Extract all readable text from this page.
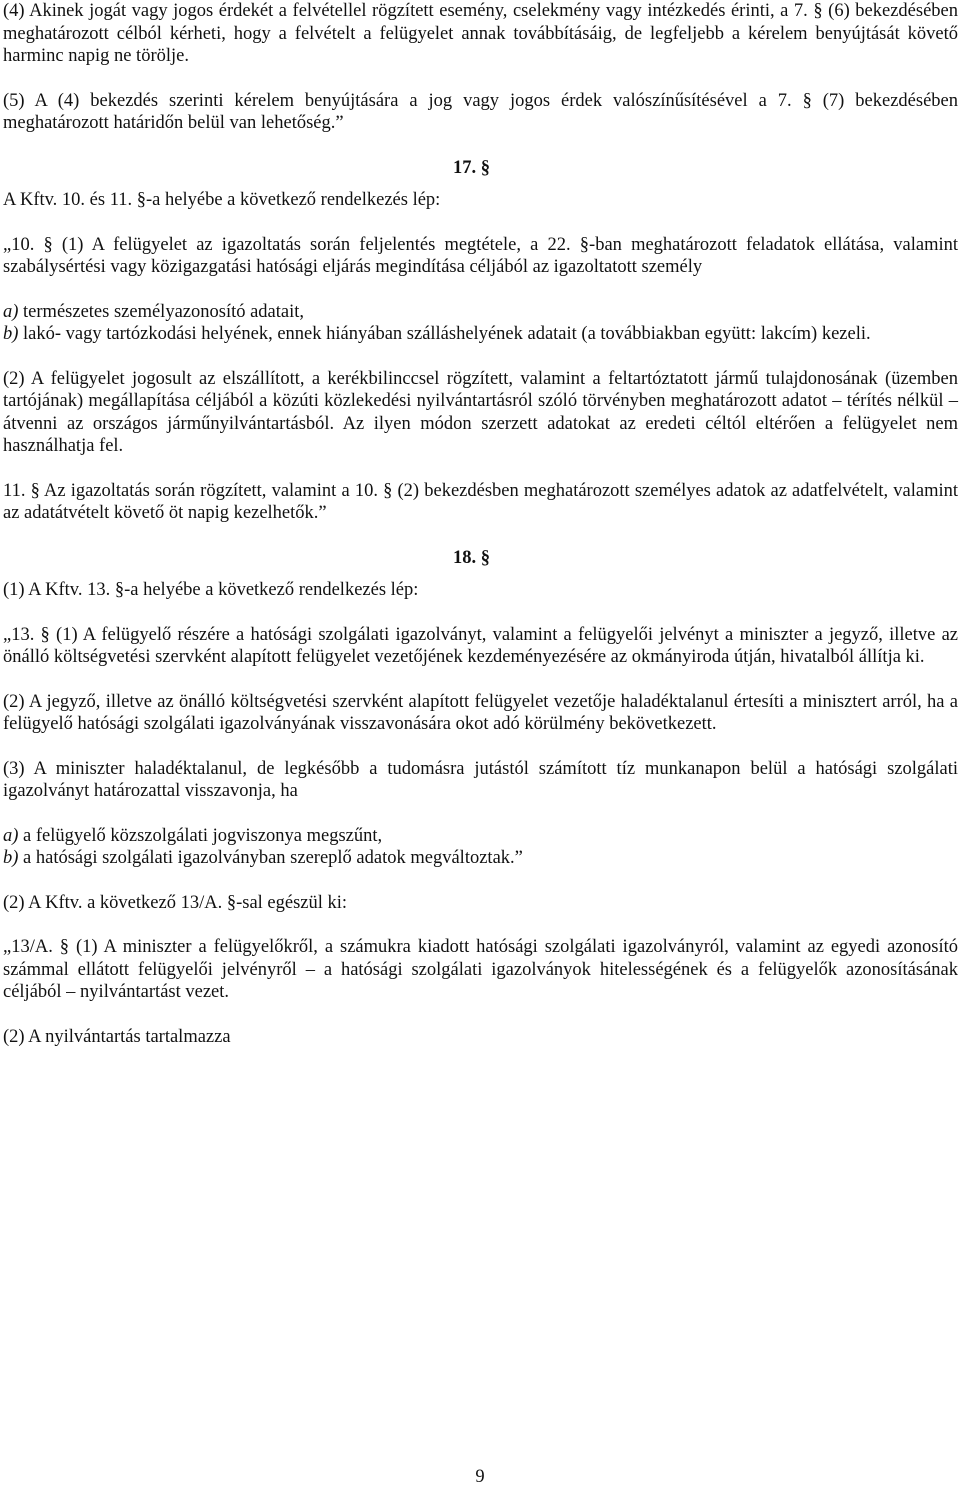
(4) Akinek jogát vagy jogos érdekét a felvétellel rögzített esemény, cselekmény vagy intézkedés érinti, a 7. § (6) bekezdésében meghatározott célból kérheti, hogy a felvételt a felügyelet annak továbbításáig, de legfeljebb a kérelem benyújtását követő harminc napig ne törölje.

(5) A (4) bekezdés szerinti kérelem benyújtására a jog vagy jogos érdek valószínűsítésével a 7. § (7) bekezdésében meghatározott határidőn belül van lehetőség.”

17. §

A Kftv. 10. és 11. §-a helyébe a következő rendelkezés lép:

„10. § (1) A felügyelet az igazoltatás során feljelentés megtétele, a 22. §-ban meghatározott feladatok ellátása, valamint szabálysértési vagy közigazgatási hatósági eljárás megindítása céljából az igazoltatott személy

a) természetes személyazonosító adatait,

b) lakó- vagy tartózkodási helyének, ennek hiányában szálláshelyének adatait (a továbbiakban együtt: lakcím) kezeli.

(2) A felügyelet jogosult az elszállított, a kerékbilinccsel rögzített, valamint a feltartóztatott jármű tulajdonosának (üzemben tartójának) megállapítása céljából a közúti közlekedési nyilvántartásról szóló törvényben meghatározott adatot – térítés nélkül – átvenni az országos járműnyilvántartásból. Az ilyen módon szerzett adatokat az eredeti céltól eltérően a felügyelet nem használhatja fel.

11. § Az igazoltatás során rögzített, valamint a 10. § (2) bekezdésben meghatározott személyes adatok az adatfelvételt, valamint az adatátvételt követő öt napig kezelhetők.”

18. §

(1) A Kftv. 13. §-a helyébe a következő rendelkezés lép:

„13. § (1) A felügyelő részére a hatósági szolgálati igazolványt, valamint a felügyelői jelvényt a miniszter a jegyző, illetve az önálló költségvetési szervként alapított felügyelet vezetőjének kezdeményezésére az okmányiroda útján, hivatalból állítja ki.

(2) A jegyző, illetve az önálló költségvetési szervként alapított felügyelet vezetője haladéktalanul értesíti a minisztert arról, ha a felügyelő hatósági szolgálati igazolványának visszavonására okot adó körülmény bekövetkezett.

(3) A miniszter haladéktalanul, de legkésőbb a tudomásra jutástól számított tíz munkanapon belül a hatósági szolgálati igazolványt határozattal visszavonja, ha

a) a felügyelő közszolgálati jogviszonya megszűnt,

b) a hatósági szolgálati igazolványban szereplő adatok megváltoztak.”

(2) A Kftv. a következő 13/A. §-sal egészül ki:

„13/A. § (1) A miniszter a felügyelőkről, a számukra kiadott hatósági szolgálati igazolványról, valamint az egyedi azonosító számmal ellátott felügyelői jelvényről – a hatósági szolgálati igazolványok hitelességének és a felügyelők azonosításának céljából – nyilvántartást vezet.

(2) A nyilvántartás tartalmazza

9
